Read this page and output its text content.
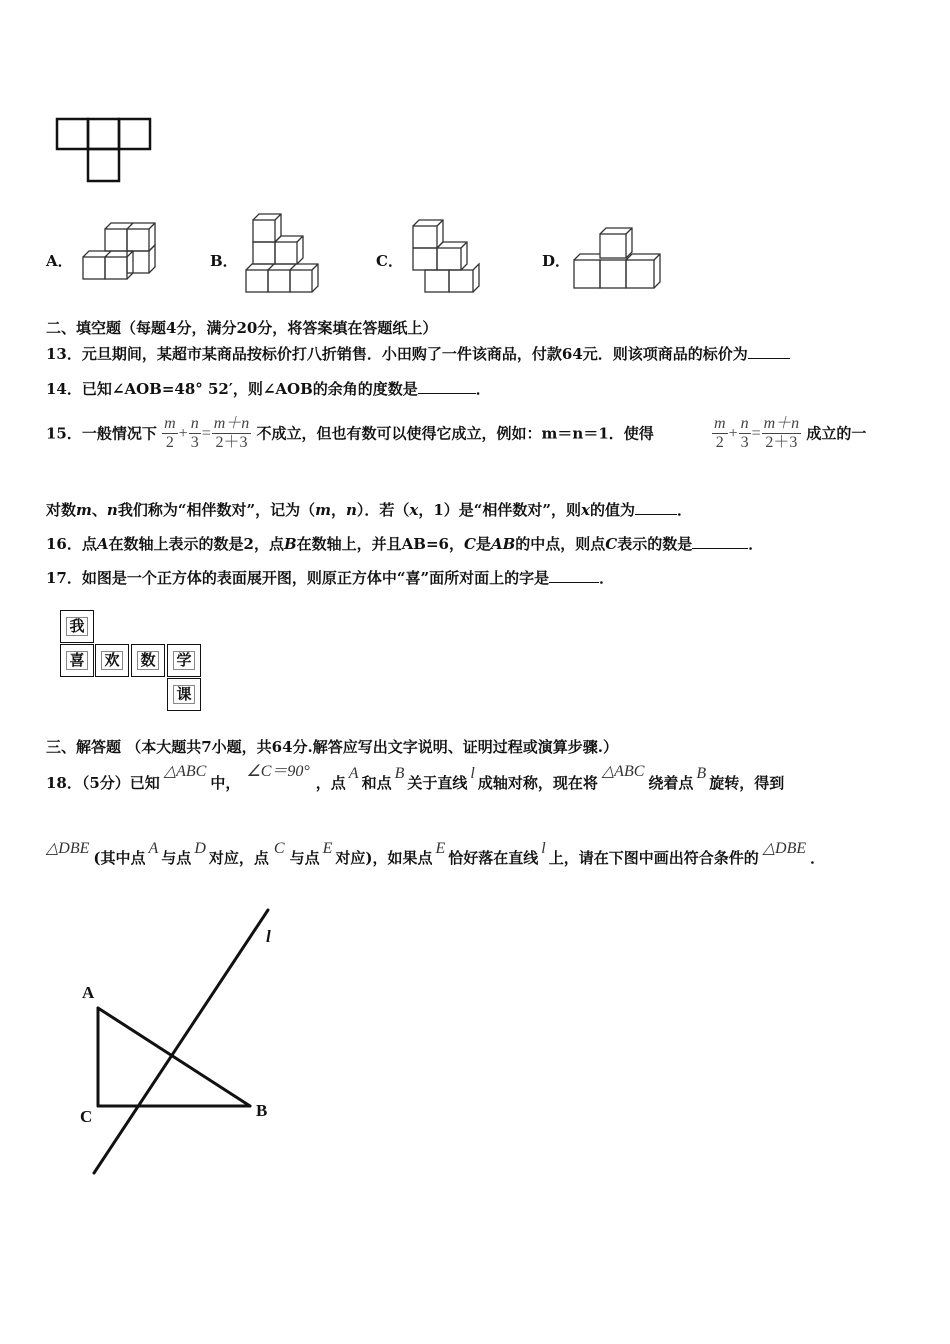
A．	B．	C．	D．
二、填空题（每题4分，满分20分，将答案填在答题纸上）
13．元旦期间，某超市某商品按标价打八折销售．小田购了一件该商品，付款64元．则该项商品的标价为
14．已知∠AOB=48° 52′，则∠AOB的余角的度数是	．
15．一般情况下 $\frac{m}{2} + \frac{n}{3} = \frac{m+n}{2+3}$ 不成立，但也有数可以使得它成立，例如：m＝n＝1．使得	$\frac{m}{2} + \frac{n}{3} = \frac{m+n}{2+3}$ 成立的一
对数m、n我们称为“相伴数对”，记为（m，n）．若（x，1）是“相伴数对”，则x的值为	．
16．点A在数轴上表示的数是2，点B在数轴上，并且AB=6，C是AB的中点，则点C表示的数是	．
17．如图是一个正方体的表面展开图，则原正方体中“喜”面所对面上的字是	．
我
喜	欢	数	学
课
三、解答题 （本大题共7小题，共64分.解答应写出文字说明、证明过程或演算步骤.）
18．（5分）已知△ABC中，∠C＝90°，点A和点B关于直线l成轴对称，现在将△ABC绕着点B旋转，得到
△DBE(其中点A与点D对应，点C与点E对应)，如果点E恰好落在直线l上，请在下图中画出符合条件的△DBE．
A
C	B
l
